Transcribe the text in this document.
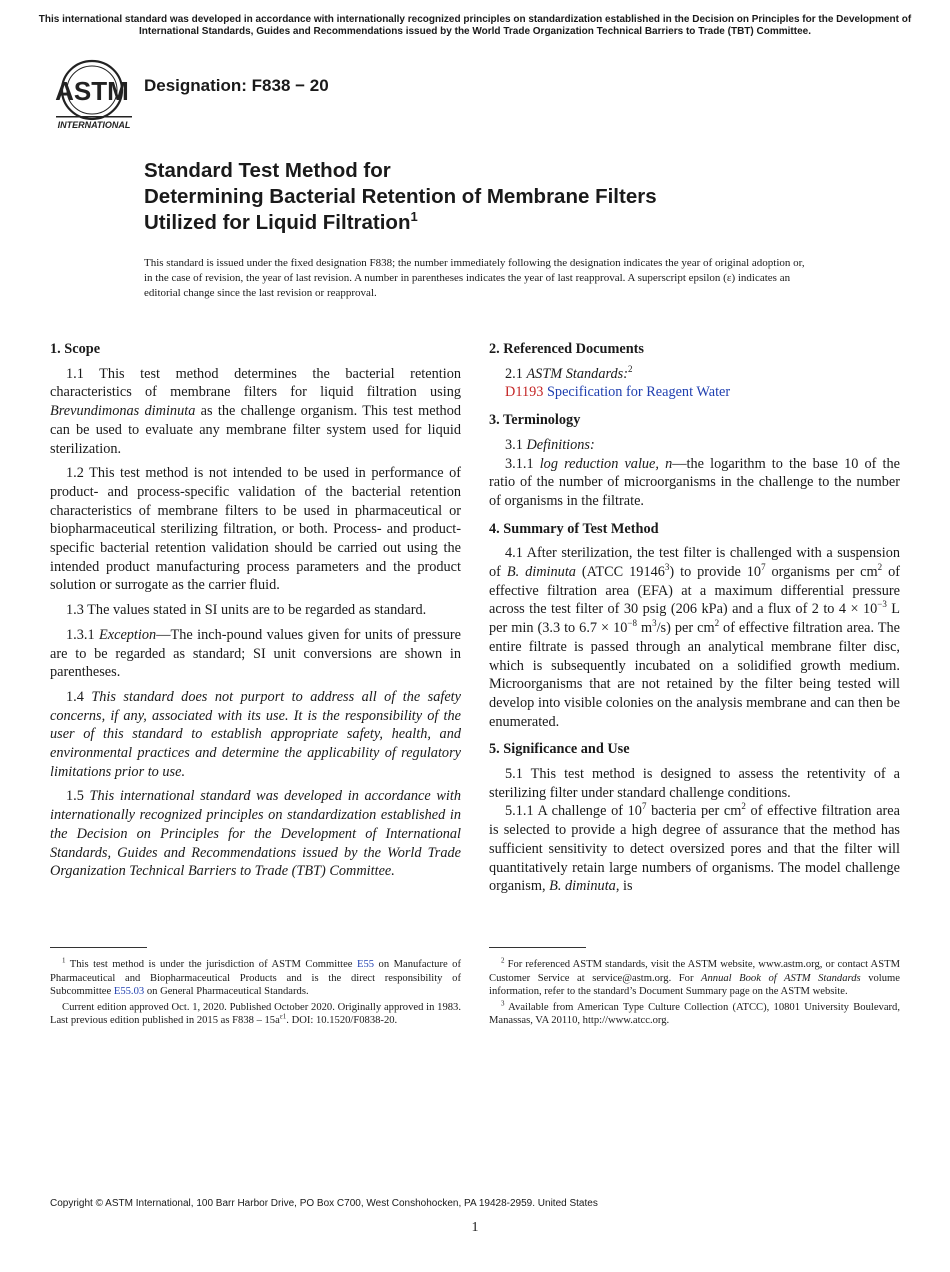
This international standard was developed in accordance with internationally recognized principles on standardization established in the Decision on Principles for the Development of International Standards, Guides and Recommendations issued by the World Trade Organization Technical Barriers to Trade (TBT) Committee.
ASTM
INTERNATIONAL
Designation: F838 − 20
Standard Test Method for
Determining Bacterial Retention of Membrane Filters
Utilized for Liquid Filtration$^1$
This standard is issued under the fixed designation F838; the number immediately following the designation indicates the year of original adoption or, in the case of revision, the year of last revision. A number in parentheses indicates the year of last reapproval. A superscript epsilon (ε) indicates an editorial change since the last revision or reapproval.
1. Scope

1.1 This test method determines the bacterial retention characteristics of membrane filters for liquid filtration using Brevundimonas diminuta as the challenge organism. This test method can be used to evaluate any membrane filter system used for liquid sterilization.

1.2 This test method is not intended to be used in performance of product- and process-specific validation of the bacterial retention characteristics of membrane filters to be used in pharmaceutical or biopharmaceutical sterilizing filtration, or both. Process- and product-specific bacterial retention validation should be carried out using the intended product manufacturing process parameters and the product solution or surrogate as the carrier fluid.

1.3 The values stated in SI units are to be regarded as standard.

1.3.1 Exception—The inch-pound values given for units of pressure are to be regarded as standard; SI unit conversions are shown in parentheses.

1.4 This standard does not purport to address all of the safety concerns, if any, associated with its use. It is the responsibility of the user of this standard to establish appropriate safety, health, and environmental practices and determine the applicability of regulatory limitations prior to use.

1.5 This international standard was developed in accordance with internationally recognized principles on standardization established in the Decision on Principles for the Development of International Standards, Guides and Recommendations issued by the World Trade Organization Technical Barriers to Trade (TBT) Committee.

2. Referenced Documents

2.1 ASTM Standards:$^2$

D1193 Specification for Reagent Water

3. Terminology

3.1 Definitions:

3.1.1 log reduction value, n—the logarithm to the base 10 of the ratio of the number of microorganisms in the challenge to the number of organisms in the filtrate.

4. Summary of Test Method

4.1 After sterilization, the test filter is challenged with a suspension of B. diminuta (ATCC 19146$^3$) to provide $10^7$ organisms per $cm^2$ of effective filtration area (EFA) at a maximum differential pressure across the test filter of 30 psig (206 kPa) and a flux of 2 to $4 \times 10^{-3}$ L per min (3.3 to $6.7 \times 10^{-8}$ $m^3/s$) per $cm^2$ of effective filtration area. The entire filtrate is passed through an analytical membrane filter disc, which is subsequently incubated on a solidified growth medium. Microorganisms that are not retained by the filter being tested will develop into visible colonies on the analysis membrane and can then be enumerated.

5. Significance and Use

5.1 This test method is designed to assess the retentivity of a sterilizing filter under standard challenge conditions.

5.1.1 A challenge of $10^7$ bacteria per $cm^2$ of effective filtration area is selected to provide a high degree of assurance that the method has sufficient sensitivity to detect oversized pores and that the filter will quantitatively retain large numbers of organisms. The model challenge organism, B. diminuta, is

$^1$ This test method is under the jurisdiction of ASTM Committee E55 on Manufacture of Pharmaceutical and Biopharmaceutical Products and is the direct responsibility of Subcommittee E55.03 on General Pharmaceutical Standards.

Current edition approved Oct. 1, 2020. Published October 2020. Originally approved in 1983. Last previous edition published in 2015 as $F838 - 15a^{\varepsilon 1}$. DOI: 10.1520/F0838-20.

$^2$ For referenced ASTM standards, visit the ASTM website, www.astm.org, or contact ASTM Customer Service at service@astm.org. For Annual Book of ASTM Standards volume information, refer to the standard’s Document Summary page on the ASTM website.

$^3$ Available from American Type Culture Collection (ATCC), 10801 University Boulevard, Manassas, VA 20110, http://www.atcc.org.

Copyright © ASTM International, 100 Barr Harbor Drive, PO Box C700, West Conshohocken, PA 19428-2959. United States
1
